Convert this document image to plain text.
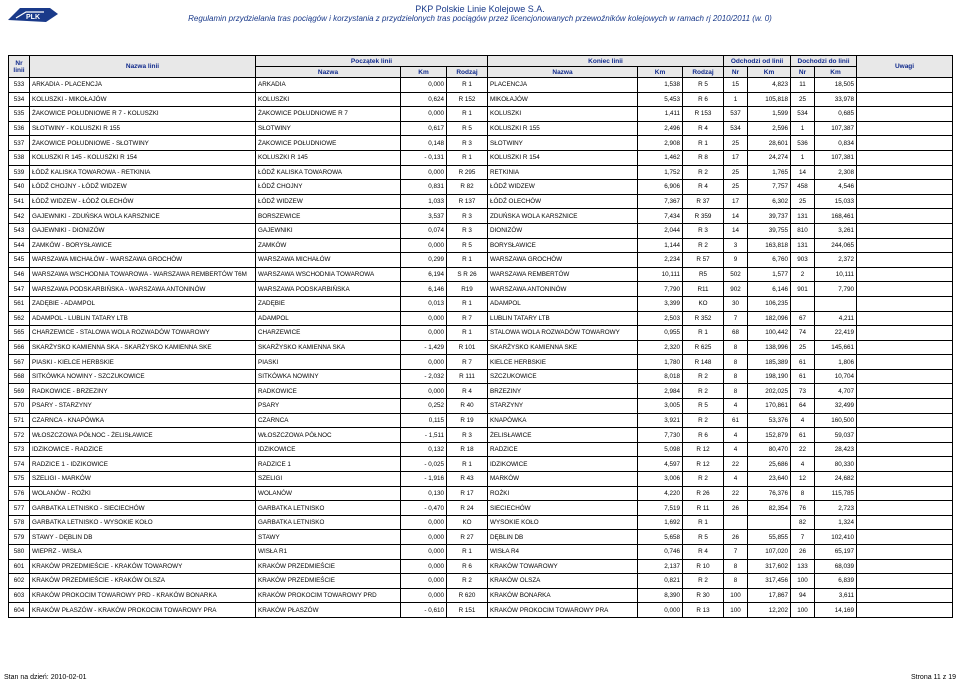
PLK
PKP Polskie Linie Kolejowe S.A.
Regulamin przydzielania tras pociągów i korzystania z przydzielonych tras pociągów przez licencjonowanych przewoźników kolejowych w ramach rj 2010/2011 (w. 0)
Nr linii	Nazwa linii	Początek linii			Koniec linii			Odchodzi od linii		Dochodzi do linii		Uwagi
		Nazwa	Km	Rodzaj	Nazwa	Km	Rodzaj	Nr	Km	Nr	Km	
533	ARKADIA - PLACENCJA	ARKADIA	0,000	R 1	PLACENCJA	1,538	R 5	15	4,823	11	18,505	
534	KOLUSZKI - MIKOŁAJÓW	KOLUSZKI	0,624	R 152	MIKOŁAJÓW	5,453	R 6	1	105,818	25	33,978	
535	ŻAKOWICE POŁUDNIOWE R 7 - KOLUSZKI	ŻAKOWICE POŁUDNIOWE R 7	0,000	R 1	KOLUSZKI	1,411	R 153	537	1,599	534	0,685	
536	SŁOTWINY - KOLUSZKI R 155	SŁOTWINY	0,617	R 5	KOLUSZKI R 155	2,496	R 4	534	2,596	1	107,387	
537	ŻAKOWICE POŁUDNIOWE - SŁOTWINY	ŻAKOWICE POŁUDNIOWE	0,148	R 3	SŁOTWINY	2,908	R 1	25	28,601	536	0,834	
538	KOLUSZKI R 145 - KOLUSZKI R 154	KOLUSZKI R 145	- 0,131	R 1	KOLUSZKI R 154	1,462	R 8	17	24,274	1	107,381	
539	ŁÓDŹ KALISKA TOWAROWA - RETKINIA	ŁÓDŹ KALISKA TOWAROWA	0,000	R 295	RETKINIA	1,752	R 2	25	1,765	14	2,308	
540	ŁÓDŹ CHOJNY - ŁÓDŹ WIDZEW	ŁÓDŹ CHOJNY	0,831	R 82	ŁÓDŹ WIDZEW	6,906	R 4	25	7,757	458	4,546	
541	ŁÓDŹ WIDZEW - ŁÓDŹ OLECHÓW	ŁÓDŹ WIDZEW	1,033	R 137	ŁÓDŹ OLECHÓW	7,367	R 37	17	6,302	25	15,033	
542	GAJEWNIKI - ZDUŃSKA WOLA KARSZNICE	BORSZEWICE	3,537	R 3	ZDUŃSKA WOLA KARSZNICE	7,434	R 359	14	39,737	131	168,461	
543	GAJEWNIKI - DIONIZÓW	GAJEWNIKI	0,074	R 3	DIONIZÓW	2,044	R 3	14	39,755	810	3,261	
544	ZAMKÓW - BORYSŁAWICE	ZAMKÓW	0,000	R 5	BORYSŁAWICE	1,144	R 2	3	163,818	131	244,065	
545	WARSZAWA MICHAŁÓW - WARSZAWA GROCHÓW	WARSZAWA MICHAŁÓW	0,299	R 1	WARSZAWA GROCHÓW	2,234	R 57	9	6,760	903	2,372	
546	WARSZAWA WSCHODNIA TOWAROWA - WARSZAWA REMBERTÓW T6M	WARSZAWA WSCHODNIA TOWAROWA	6,194	S R 26	WARSZAWA REMBERTÓW	10,111	R5	502	1,577	2	10,111	
547	WARSZAWA PODSKARBIŃSKA - WARSZAWA ANTONINÓW	WARSZAWA PODSKARBIŃSKA	6,146	R19	WARSZAWA ANTONINÓW	7,790	R11	902	6,146	901	7,790	
561	ZADĘBIE - ADAMPOL	ZADĘBIE	0,013	R 1	ADAMPOL	3,399	KO	30	106,235			
562	ADAMPOL - LUBLIN TATARY LTB	ADAMPOL	0,000	R 7	LUBLIN TATARY LTB	2,503	R 352	7	182,096	67	4,211	
565	CHARZEWICE - STALOWA WOLA ROZWADÓW TOWAROWY	CHARZEWICE	0,000	R 1	STALOWA WOLA ROZWADÓW TOWAROWY	0,955	R 1	68	100,442	74	22,419	
566	SKARŻYSKO KAMIENNA SKA - SKARŻYSKO KAMIENNA SKE	SKARŻYSKO KAMIENNA SKA	- 1,429	R 101	SKARŻYSKO KAMIENNA SKE	2,320	R 625	8	138,996	25	145,661	
567	PIASKI - KIELCE HERBSKIE	PIASKI	0,000	R 7	KIELCE HERBSKIE	1,780	R 148	8	185,389	61	1,806	
568	SITKÓWKA NOWINY - SZCZUKOWICE	SITKÓWKA NOWINY	- 2,032	R 111	SZCZUKOWICE	8,018	R 2	8	198,190	61	10,704	
569	RADKOWICE - BRZEZINY	RADKOWICE	0,000	R 4	BRZEZINY	2,984	R 2	8	202,025	73	4,707	
570	PSARY - STARZYNY	PSARY	0,252	R 40	STARZYNY	3,005	R 5	4	170,861	64	32,499	
571	CZARNCA - KNAPÓWKA	CZARNCA	0,115	R 19	KNAPÓWKA	3,921	R 2	61	53,376	4	160,500	
572	WŁOSZCZOWA PÓŁNOC - ŻELISŁAWICE	WŁOSZCZOWA PÓŁNOC	- 1,511	R 3	ŻELISŁAWICE	7,730	R 6	4	152,879	61	59,037	
573	IDZIKOWICE - RADZICE	IDZIKOWICE	0,132	R 18	RADZICE	5,098	R 12	4	80,470	22	28,423	
574	RADZICE 1 - IDZIKOWICE	RADZICE 1	- 0,025	R 1	IDZIKOWICE	4,597	R 12	22	25,686	4	80,330	
575	SZELIGI - MARKÓW	SZELIGI	- 1,916	R 43	MARKÓW	3,006	R 2	4	23,640	12	24,682	
576	WOLANÓW - ROŻKI	WOLANÓW	0,130	R 17	ROŻKI	4,220	R 26	22	76,376	8	115,785	
577	GARBATKA LETNISKO - SIECIECHÓW	GARBATKA LETNISKO	- 0,470	R 24	SIECIECHÓW	7,519	R 11	26	82,354	76	2,723	
578	GARBATKA LETNISKO - WYSOKIE KOŁO	GARBATKA LETNISKO	0,000	KO	WYSOKIE KOŁO	1,692	R 1			82	1,324	
579	STAWY - DĘBLIN DB	STAWY	0,000	R 27	DĘBLIN DB	5,658	R 5	26	55,855	7	102,410	
580	WIEPRZ - WISŁA	WISŁA R1	0,000	R 1	WISŁA R4	0,746	R 4	7	107,020	26	65,197	
601	KRAKÓW PRZEDMIEŚCIE - KRAKÓW TOWAROWY	KRAKÓW PRZEDMIEŚCIE	0,000	R 6	KRAKÓW TOWAROWY	2,137	R 10	8	317,602	133	68,039	
602	KRAKÓW PRZEDMIEŚCIE - KRAKÓW OLSZA	KRAKÓW PRZEDMIEŚCIE	0,000	R 2	KRAKÓW OLSZA	0,821	R 2	8	317,456	100	6,839	
603	KRAKÓW PROKOCIM TOWAROWY PRD - KRAKÓW BONARKA	KRAKÓW PROKOCIM TOWAROWY PRD	0,000	R 620	KRAKÓW BONARKA	8,390	R 30	100	17,867	94	3,611	
604	KRAKÓW PŁASZÓW - KRAKÓW PROKOCIM TOWAROWY PRA	KRAKÓW PŁASZÓW	- 0,610	R 151	KRAKÓW PROKOCIM TOWAROWY PRA	0,000	R 13	100	12,202	100	14,169	
Stan na dzień: 2010-02-01	Strona 11 z 19
